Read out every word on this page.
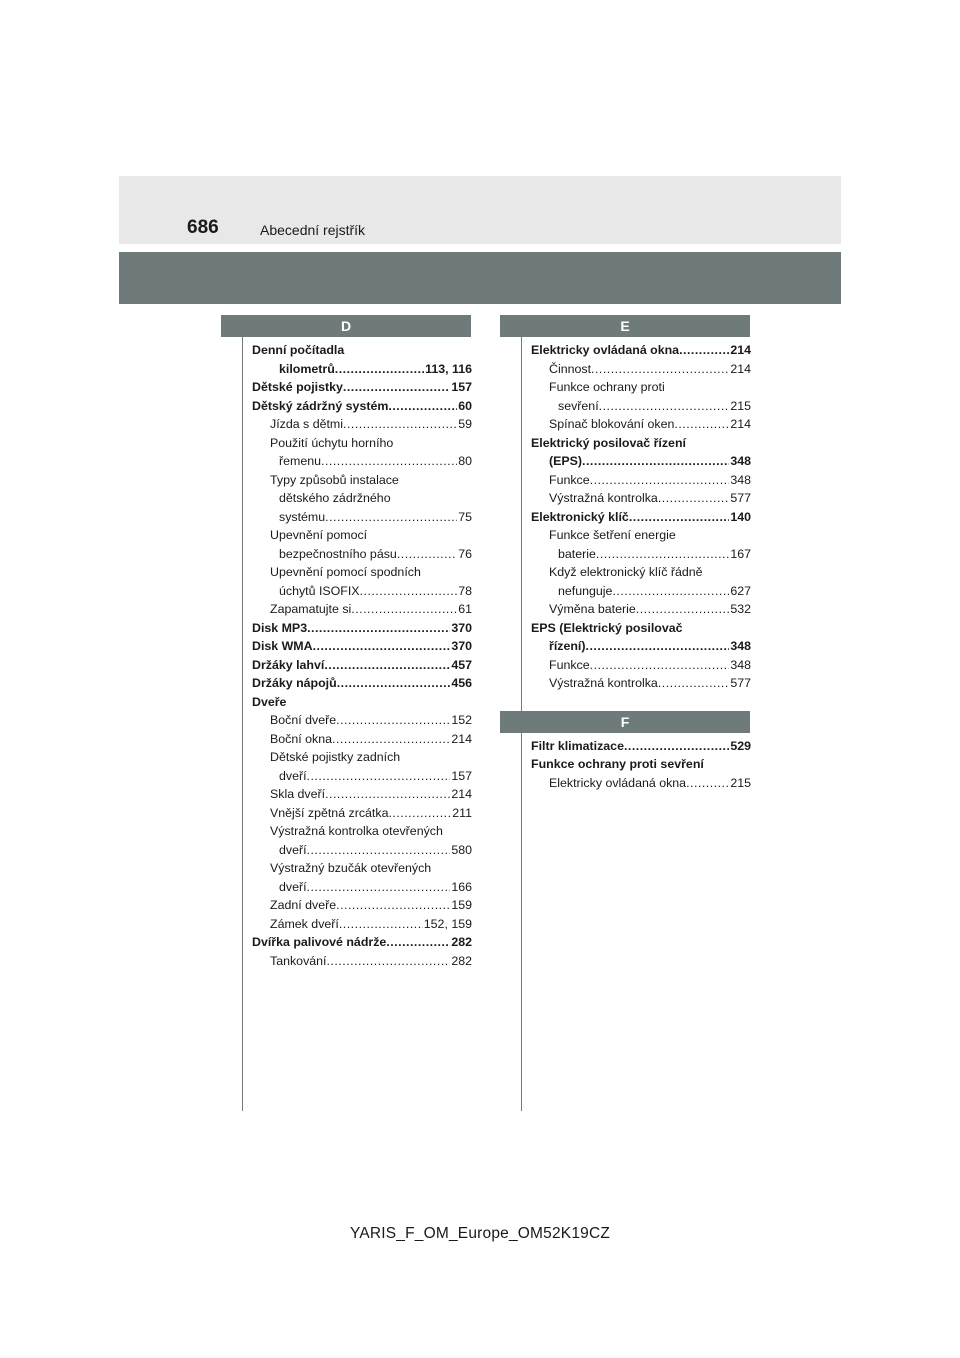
686	Abecední rejstřík
D
Denní počítadla
kilometrů .....	113, 116
Dětské pojistky .....	157
Dětský zádržný systém .....	60
Jízda s dětmi .....	59
Použití úchytu horního
řemenu .....	80
Typy způsobů instalace
dětského zádržného
systému .....	75
Upevnění pomocí
bezpečnostního pásu .....	76
Upevnění pomocí spodních
úchytů ISOFIX .....	78
Zapamatujte si .....	61
Disk MP3 .....	370
Disk WMA .....	370
Držáky lahví .....	457
Držáky nápojů .....	456
Dveře
Boční dveře .....	152
Boční okna .....	214
Dětské pojistky zadních
dveří .....	157
Skla dveří .....	214
Vnější zpětná zrcátka .....	211
Výstražná kontrolka otevřených
dveří .....	580
Výstražný bzučák otevřených
dveří .....	166
Zadní dveře .....	159
Zámek dveří .....	152, 159
Dvířka palivové nádrže .....	282
Tankování .....	282
E
Elektricky ovládaná okna .....	214
Činnost .....	214
Funkce ochrany proti
sevření .....	215
Spínač blokování oken .....	214
Elektrický posilovač řízení
(EPS) .....	348
Funkce .....	348
Výstražná kontrolka .....	577
Elektronický klíč .....	140
Funkce šetření energie
baterie .....	167
Když elektronický klíč řádně
nefunguje .....	627
Výměna baterie .....	532
EPS (Elektrický posilovač
řízení) .....	348
Funkce .....	348
Výstražná kontrolka .....	577
F
Filtr klimatizace .....	529
Funkce ochrany proti sevření
Elektricky ovládaná okna .....	215
YARIS_F_OM_Europe_OM52K19CZ
